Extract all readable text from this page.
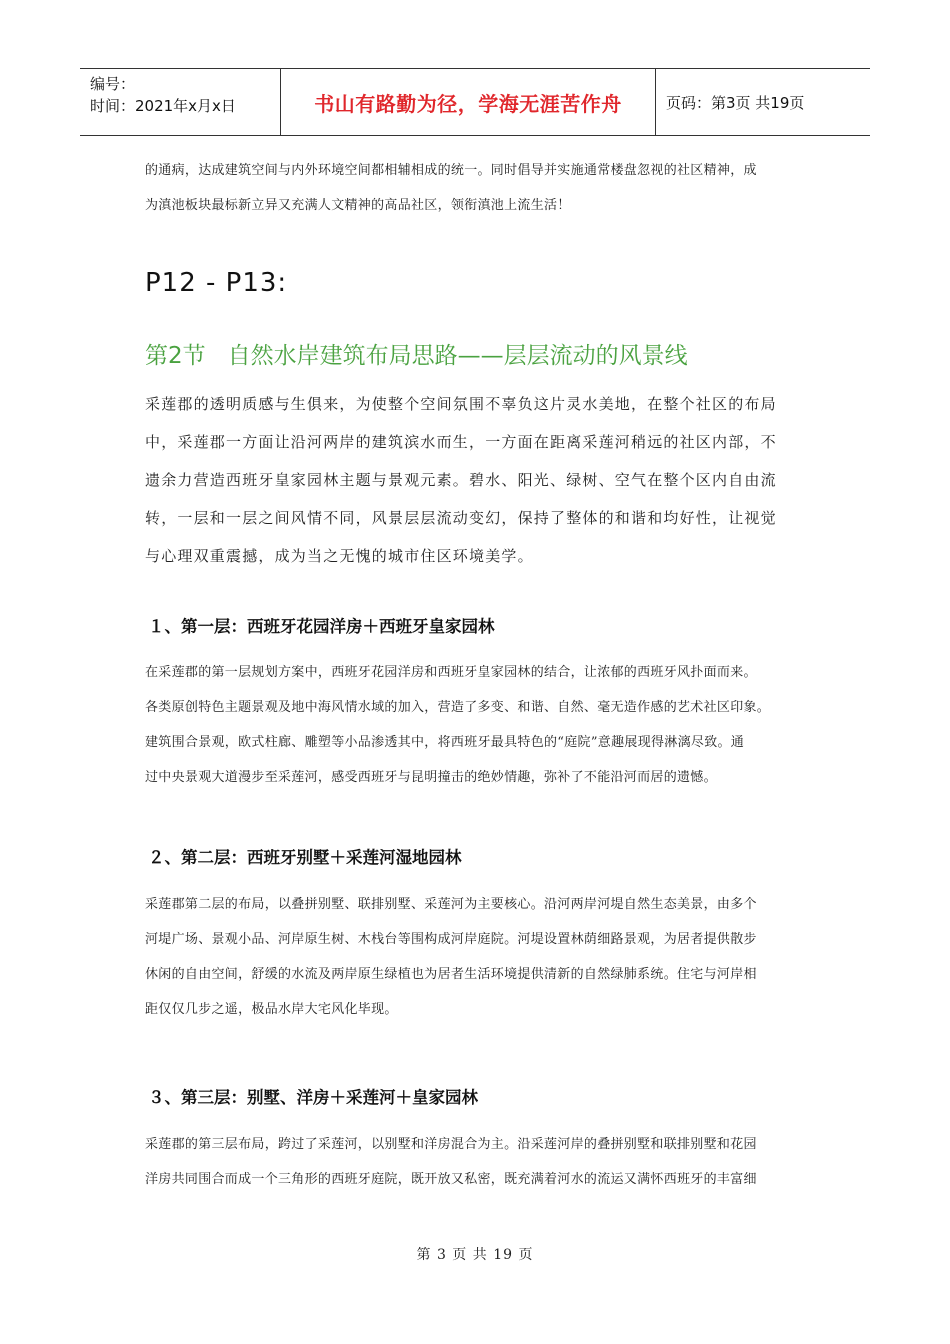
编号：
时间：2021年x月x日	书山有路勤为径，学海无涯苦作舟	页码：第3页 共19页

的通病，达成建筑空间与内外环境空间都相辅相成的统一。同时倡导并实施通常楼盘忽视的社区精神，成

为滇池板块最标新立异又充满人文精神的高品社区，领衔滇池上流生活！

P12 - P13:
第2节 自然水岸建筑布局思路——层层流动的风景线

采莲郡的透明质感与生俱来，为使整个空间氛围不辜负这片灵水美地，在整个社区的布局

中，采莲郡一方面让沿河两岸的建筑滨水而生，一方面在距离采莲河稍远的社区内部，不

遗余力营造西班牙皇家园林主题与景观元素。碧水、阳光、绿树、空气在整个区内自由流

转，一层和一层之间风情不同，风景层层流动变幻，保持了整体的和谐和均好性，让视觉

与心理双重震撼，成为当之无愧的城市住区环境美学。

１、第一层：西班牙花园洋房＋西班牙皇家园林

在采莲郡的第一层规划方案中，西班牙花园洋房和西班牙皇家园林的结合，让浓郁的西班牙风扑面而来。

各类原创特色主题景观及地中海风情水域的加入，营造了多变、和谐、自然、毫无造作感的艺术社区印象。

建筑围合景观，欧式柱廊、雕塑等小品渗透其中，将西班牙最具特色的“庭院”意趣展现得淋漓尽致。通

过中央景观大道漫步至采莲河，感受西班牙与昆明撞击的绝妙情趣，弥补了不能沿河而居的遗憾。

２、第二层：西班牙别墅＋采莲河湿地园林

采莲郡第二层的布局，以叠拼别墅、联排别墅、采莲河为主要核心。沿河两岸河堤自然生态美景，由多个

河堤广场、景观小品、河岸原生树、木栈台等围构成河岸庭院。河堤设置林荫细路景观，为居者提供散步

休闲的自由空间，舒缓的水流及两岸原生绿植也为居者生活环境提供清新的自然绿肺系统。住宅与河岸相

距仅仅几步之遥，极品水岸大宅风化毕现。

３、第三层：别墅、洋房＋采莲河＋皇家园林

采莲郡的第三层布局，跨过了采莲河，以别墅和洋房混合为主。沿采莲河岸的叠拼别墅和联排别墅和花园

洋房共同围合而成一个三角形的西班牙庭院，既开放又私密，既充满着河水的流运又满怀西班牙的丰富细

第 3 页 共 19 页
